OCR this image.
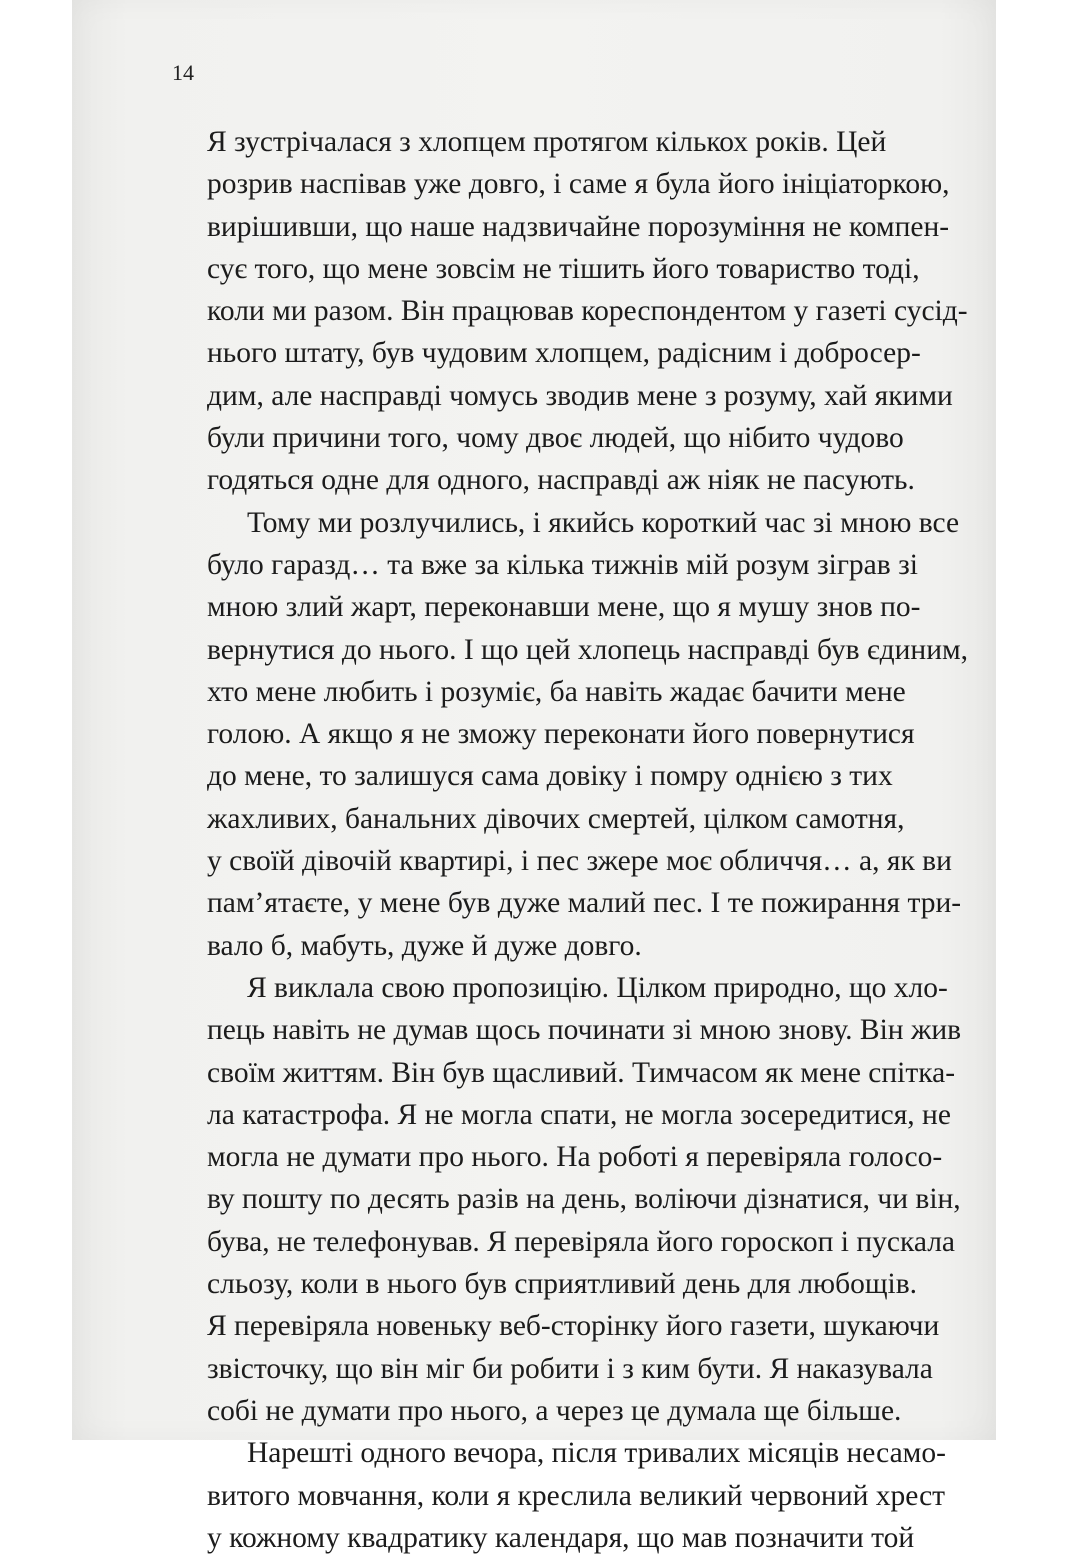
14
Я зустрічалася з хлопцем протягом кількох років. Цей
розрив наспівав уже довго, і саме я була його ініціаторкою,
вирішивши, що наше надзвичайне порозуміння не компен-
сує того, що мене зовсім не тішить його товариство тоді,
коли ми разом. Він працював кореспондентом у газеті сусід-
нього штату, був чудовим хлопцем, радісним і добросер-
дим, але насправді чомусь зводив мене з розуму, хай якими
були причини того, чому двоє людей, що нібито чудово
годяться одне для одного, насправді аж ніяк не пасують.
Тому ми розлучились, і якийсь короткий час зі мною все
було гаразд… та вже за кілька тижнів мій розум зіграв зі
мною злий жарт, переконавши мене, що я мушу знов по-
вернутися до нього. І що цей хлопець насправді був єдиним,
хто мене любить і розуміє, ба навіть жадає бачити мене
голою. А якщо я не зможу переконати його повернутися
до мене, то залишуся сама довіку і помру однією з тих
жахливих, банальних дівочих смертей, цілком самотня,
у своїй дівочій квартирі, і пес зжере моє обличчя… а, як ви
пам’ятаєте, у мене був дуже малий пес. І те пожирання три-
вало б, мабуть, дуже й дуже довго.
Я виклала свою пропозицію. Цілком природно, що хло-
пець навіть не думав щось починати зі мною знову. Він жив
своїм життям. Він був щасливий. Тимчасом як мене спітка-
ла катастрофа. Я не могла спати, не могла зосередитися, не
могла не думати про нього. На роботі я перевіряла голосо-
ву пошту по десять разів на день, воліючи дізнатися, чи він,
бува, не телефонував. Я перевіряла його гороскоп і пускала
сльозу, коли в нього був сприятливий день для любощів.
Я перевіряла новеньку веб-сторінку його газети, шукаючи
звісточку, що він міг би робити і з ким бути. Я наказувала
собі не думати про нього, а через це думала ще більше.
Нарешті одного вечора, після тривалих місяців несамо-
витого мовчання, коли я креслила великий червоний хрест
у кожному квадратику календаря, що мав позначити той
